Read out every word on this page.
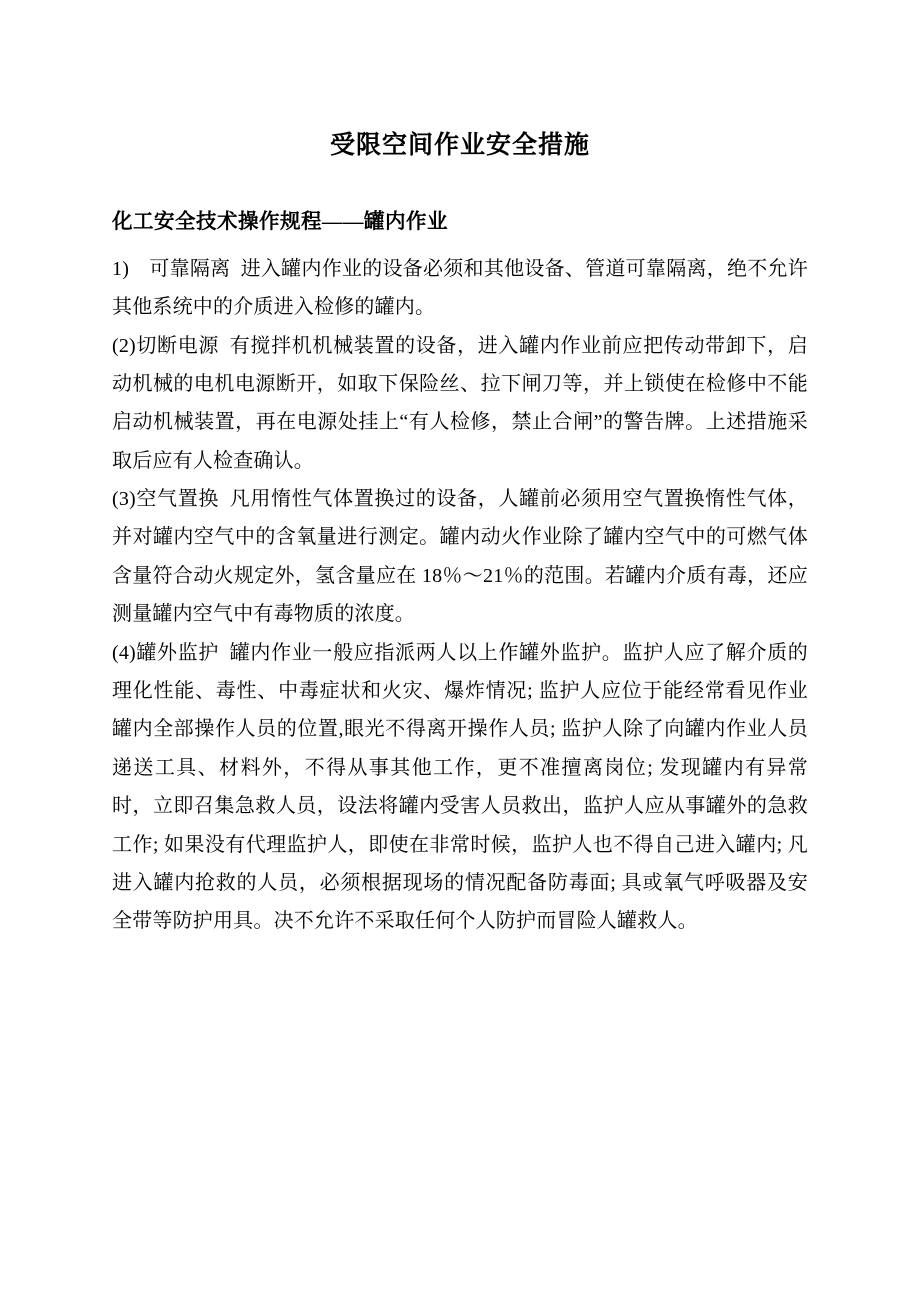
受限空间作业安全措施
化工安全技术操作规程——罐内作业

1) 可靠隔离 进入罐内作业的设备必须和其他设备、管道可靠隔离，绝不允许其他系统中的介质进入检修的罐内。

(2)切断电源 有搅拌机机械装置的设备，进入罐内作业前应把传动带卸下，启动机械的电机电源断开，如取下保险丝、拉下闸刀等，并上锁使在检修中不能启动机械装置，再在电源处挂上“有人检修，禁止合闸”的警告牌。上述措施采取后应有人检查确认。

(3)空气置换 凡用惰性气体置换过的设备，人罐前必须用空气置换惰性气体，并对罐内空气中的含氧量进行测定。罐内动火作业除了罐内空气中的可燃气体含量符合动火规定外，氢含量应在 18％～21％的范围。若罐内介质有毒，还应测量罐内空气中有毒物质的浓度。

(4)罐外监护 罐内作业一般应指派两人以上作罐外监护。监护人应了解介质的理化性能、毒性、中毒症状和火灾、爆炸情况; 监护人应位于能经常看见作业罐内全部操作人员的位置,眼光不得离开操作人员; 监护人除了向罐内作业人员递送工具、材料外，不得从事其他工作，更不准擅离岗位; 发现罐内有异常时，立即召集急救人员，设法将罐内受害人员救出，监护人应从事罐外的急救工作; 如果没有代理监护人，即使在非常时候，监护人也不得自己进入罐内; 凡进入罐内抢救的人员，必须根据现场的情况配备防毒面; 具或氧气呼吸器及安全带等防护用具。决不允许不采取任何个人防护而冒险人罐救人。
